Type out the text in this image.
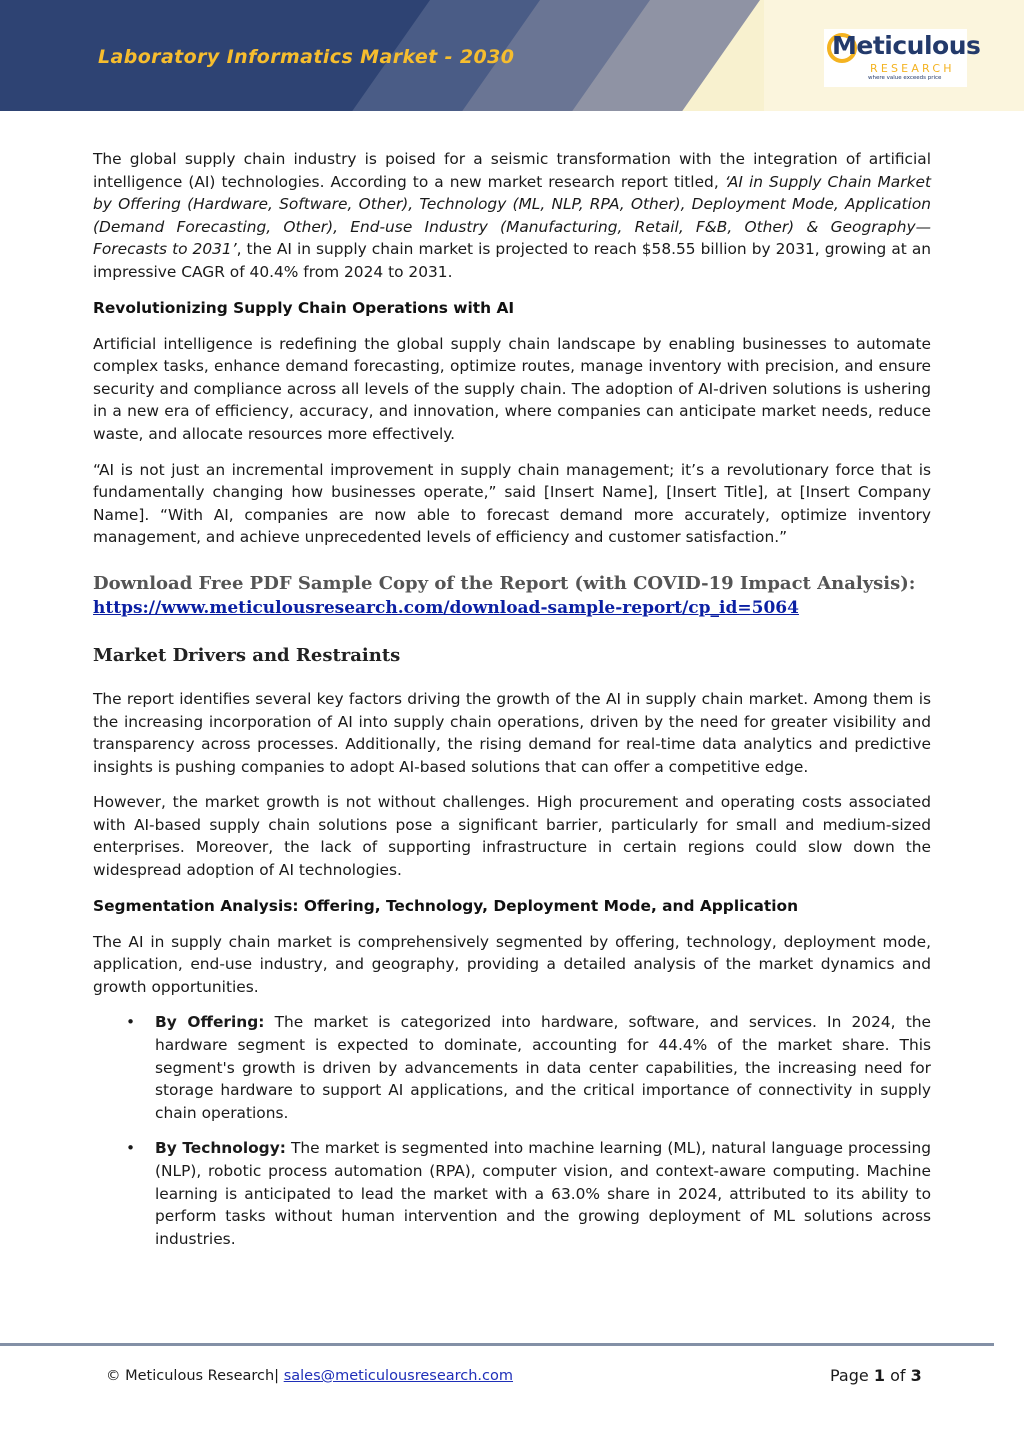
Laboratory Informatics Market - 2030	Meticulous
RESEARCH
where value exceeds price

The global supply chain industry is poised for a seismic transformation with the integration of artificial intelligence (AI) technologies. According to a new market research report titled, ‘AI in Supply Chain Market by Offering (Hardware, Software, Other), Technology (ML, NLP, RPA, Other), Deployment Mode, Application (Demand Forecasting, Other), End-use Industry (Manufacturing, Retail, F&B, Other) & Geography—Forecasts to 2031’, the AI in supply chain market is projected to reach $58.55 billion by 2031, growing at an impressive CAGR of 40.4% from 2024 to 2031.

Revolutionizing Supply Chain Operations with AI

Artificial intelligence is redefining the global supply chain landscape by enabling businesses to automate complex tasks, enhance demand forecasting, optimize routes, manage inventory with precision, and ensure security and compliance across all levels of the supply chain. The adoption of AI-driven solutions is ushering in a new era of efficiency, accuracy, and innovation, where companies can anticipate market needs, reduce waste, and allocate resources more effectively.

“AI is not just an incremental improvement in supply chain management; it’s a revolutionary force that is fundamentally changing how businesses operate,” said [Insert Name], [Insert Title], at [Insert Company Name]. “With AI, companies are now able to forecast demand more accurately, optimize inventory management, and achieve unprecedented levels of efficiency and customer satisfaction.”

Download Free PDF Sample Copy of the Report (with COVID-19 Impact Analysis):
https://www.meticulousresearch.com/download-sample-report/cp_id=5064
Market Drivers and Restraints

The report identifies several key factors driving the growth of the AI in supply chain market. Among them is the increasing incorporation of AI into supply chain operations, driven by the need for greater visibility and transparency across processes. Additionally, the rising demand for real-time data analytics and predictive insights is pushing companies to adopt AI-based solutions that can offer a competitive edge.

However, the market growth is not without challenges. High procurement and operating costs associated with AI-based supply chain solutions pose a significant barrier, particularly for small and medium-sized enterprises. Moreover, the lack of supporting infrastructure in certain regions could slow down the widespread adoption of AI technologies.

Segmentation Analysis: Offering, Technology, Deployment Mode, and Application

The AI in supply chain market is comprehensively segmented by offering, technology, deployment mode, application, end-use industry, and geography, providing a detailed analysis of the market dynamics and growth opportunities.

• By Offering: The market is categorized into hardware, software, and services. In 2024, the hardware segment is expected to dominate, accounting for 44.4% of the market share. This segment's growth is driven by advancements in data center capabilities, the increasing need for storage hardware to support AI applications, and the critical importance of connectivity in supply chain operations.
• By Technology: The market is segmented into machine learning (ML), natural language processing (NLP), robotic process automation (RPA), computer vision, and context-aware computing. Machine learning is anticipated to lead the market with a 63.0% share in 2024, attributed to its ability to perform tasks without human intervention and the growing deployment of ML solutions across industries.
© Meticulous Research| sales@meticulousresearch.com	Page 1 of 3
